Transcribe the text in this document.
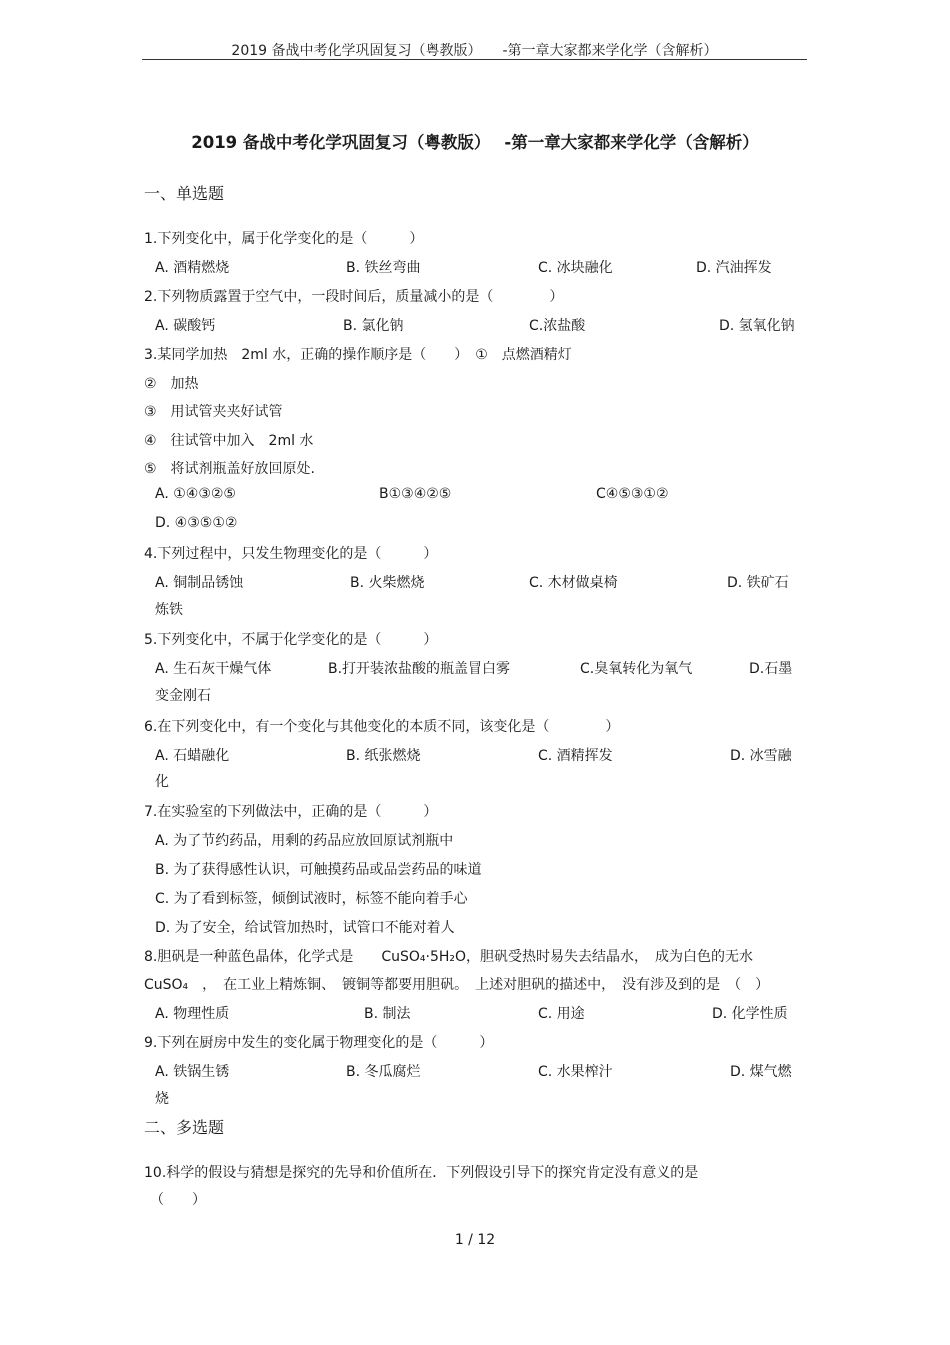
2019 备战中考化学巩固复习（粤教版）　　-第一章大家都来学化学（含解析）
2019 备战中考化学巩固复习（粤教版）　 -第一章大家都来学化学（含解析）
一、单选题
1.下列变化中，属于化学变化的是（　　　）
A. 酒精燃烧	B. 铁丝弯曲	C. 冰块融化	D. 汽油挥发
2.下列物质露置于空气中，一段时间后，质量减小的是（　　　　）
A. 碳酸钙	B. 氯化钠	C.浓盐酸	D. 氢氧化钠
3.某同学加热　2ml 水，正确的操作顺序是（　　）　①　点燃酒精灯
②　加热
③　用试管夹夹好试管
④　往试管中加入　2ml 水
⑤　将试剂瓶盖好放回原处.
A. ①④③②⑤	B①③④②⑤	C④⑤③①②
D. ④③⑤①②
4.下列过程中，只发生物理变化的是（　　　）
A. 铜制品锈蚀	B. 火柴燃烧	C. 木材做桌椅	D. 铁矿石
炼铁
5.下列变化中，不属于化学变化的是（　　　）
A. 生石灰干燥气体	B.打开装浓盐酸的瓶盖冒白雾	C.臭氧转化为氧气	D.石墨
变金刚石
6.在下列变化中，有一个变化与其他变化的本质不同，该变化是（　　　　）
A. 石蜡融化	B. 纸张燃烧	C. 酒精挥发	D. 冰雪融
化
7.在实验室的下列做法中，正确的是（　　　）
A. 为了节约药品，用剩的药品应放回原试剂瓶中
B. 为了获得感性认识，可触摸药品或品尝药品的味道
C. 为了看到标签，倾倒试液时，标签不能向着手心
D. 为了安全，给试管加热时，试管口不能对着人
8.胆矾是一种蓝色晶体，化学式是　　CuSO₄·5H₂O，胆矾受热时易失去结晶水，　成为白色的无水
CuSO₄　，　在工业上精炼铜、　镀铜等都要用胆矾。　上述对胆矾的描述中，　没有涉及到的是　（　）
A. 物理性质	B. 制法	C. 用途	D. 化学性质
9.下列在厨房中发生的变化属于物理变化的是（　　　）
A. 铁锅生锈	B. 冬瓜腐烂	C. 水果榨汁	D. 煤气燃
烧
二、多选题
10.科学的假设与猜想是探究的先导和价值所在．下列假设引导下的探究肯定没有意义的是
（　　）
1 / 12
